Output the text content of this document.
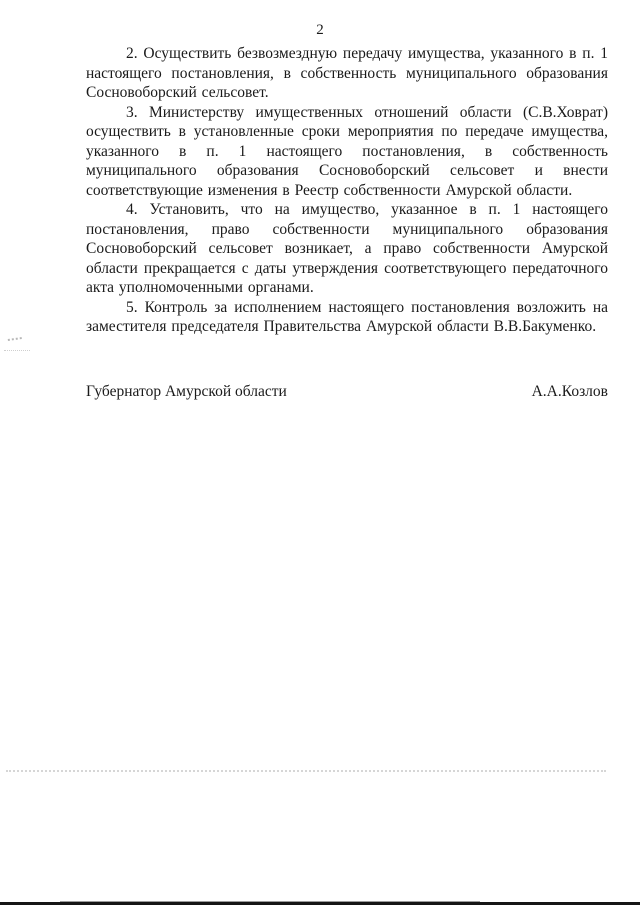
2

2. Осуществить безвозмездную передачу имущества, указанного в п. 1 настоящего постановления, в собственность муниципального образования Сосновоборский сельсовет.

3. Министерству имущественных отношений области (С.В.Ховрат) осуществить в установленные сроки мероприятия по передаче имущества, указанного в п. 1 настоящего постановления, в собственность муниципального образования Сосновоборский сельсовет и внести соответствующие изменения в Реестр собственности Амурской области.

4. Установить, что на имущество, указанное в п. 1 настоящего постановления, право собственности муниципального образования Сосновоборский сельсовет возникает, а право собственности Амурской области прекращается с даты утверждения соответствующего передаточного акта уполномоченными органами.

5. Контроль за исполнением настоящего постановления возложить на заместителя председателя Правительства Амурской области В.В.Бакуменко.

Губернатор Амурской области	А.А.Козлов
